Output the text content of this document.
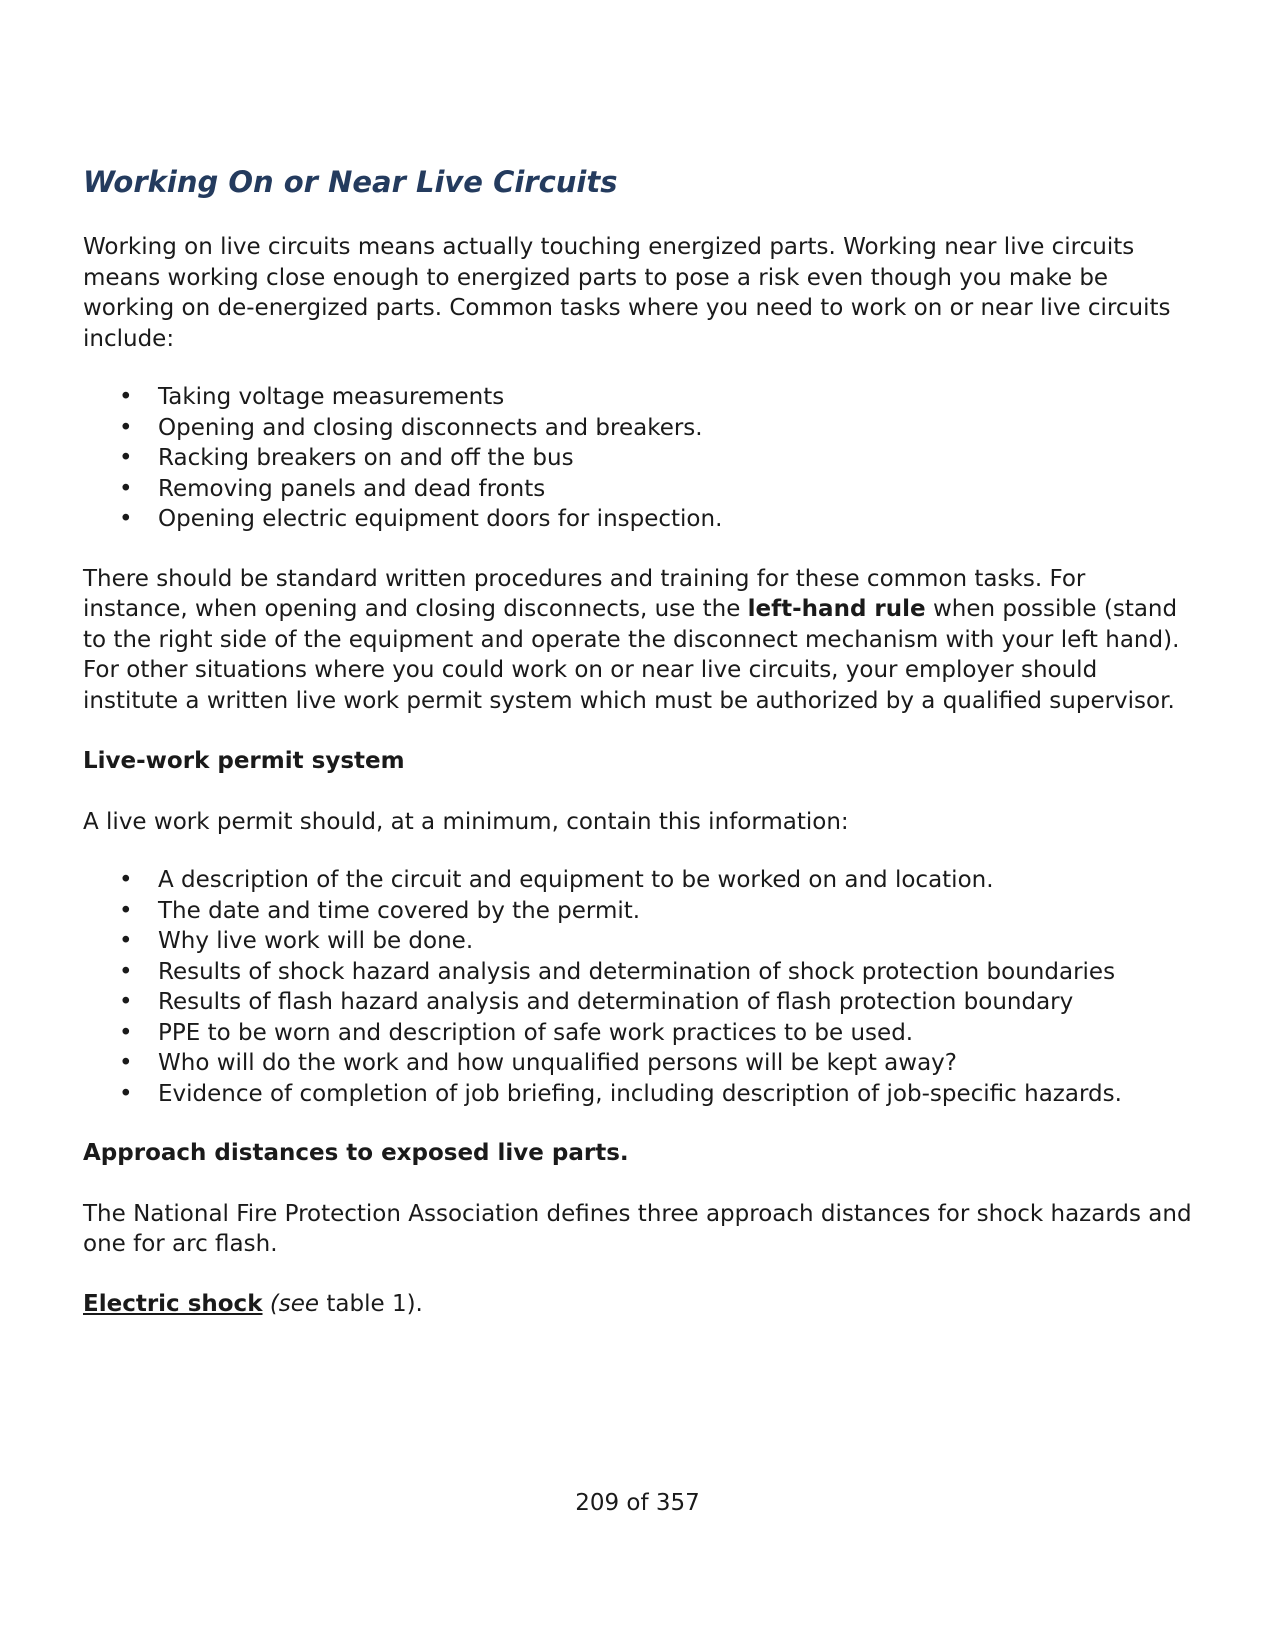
Working On or Near Live Circuits

Working on live circuits means actually touching energized parts. Working near live circuits means working close enough to energized parts to pose a risk even though you make be working on de-energized parts. Common tasks where you need to work on or near live circuits include:

• Taking voltage measurements
• Opening and closing disconnects and breakers.
• Racking breakers on and off the bus
• Removing panels and dead fronts
• Opening electric equipment doors for inspection.

There should be standard written procedures and training for these common tasks. For instance, when opening and closing disconnects, use the left-hand rule when possible (stand to the right side of the equipment and operate the disconnect mechanism with your left hand). For other situations where you could work on or near live circuits, your employer should institute a written live work permit system which must be authorized by a qualified supervisor.

Live-work permit system

A live work permit should, at a minimum, contain this information:

• A description of the circuit and equipment to be worked on and location.
• The date and time covered by the permit.
• Why live work will be done.
• Results of shock hazard analysis and determination of shock protection boundaries
• Results of flash hazard analysis and determination of flash protection boundary
• PPE to be worn and description of safe work practices to be used.
• Who will do the work and how unqualified persons will be kept away?
• Evidence of completion of job briefing, including description of job-specific hazards.
Approach distances to exposed live parts.

The National Fire Protection Association defines three approach distances for shock hazards and one for arc flash.

Electric shock (see table 1).

209 of 357
